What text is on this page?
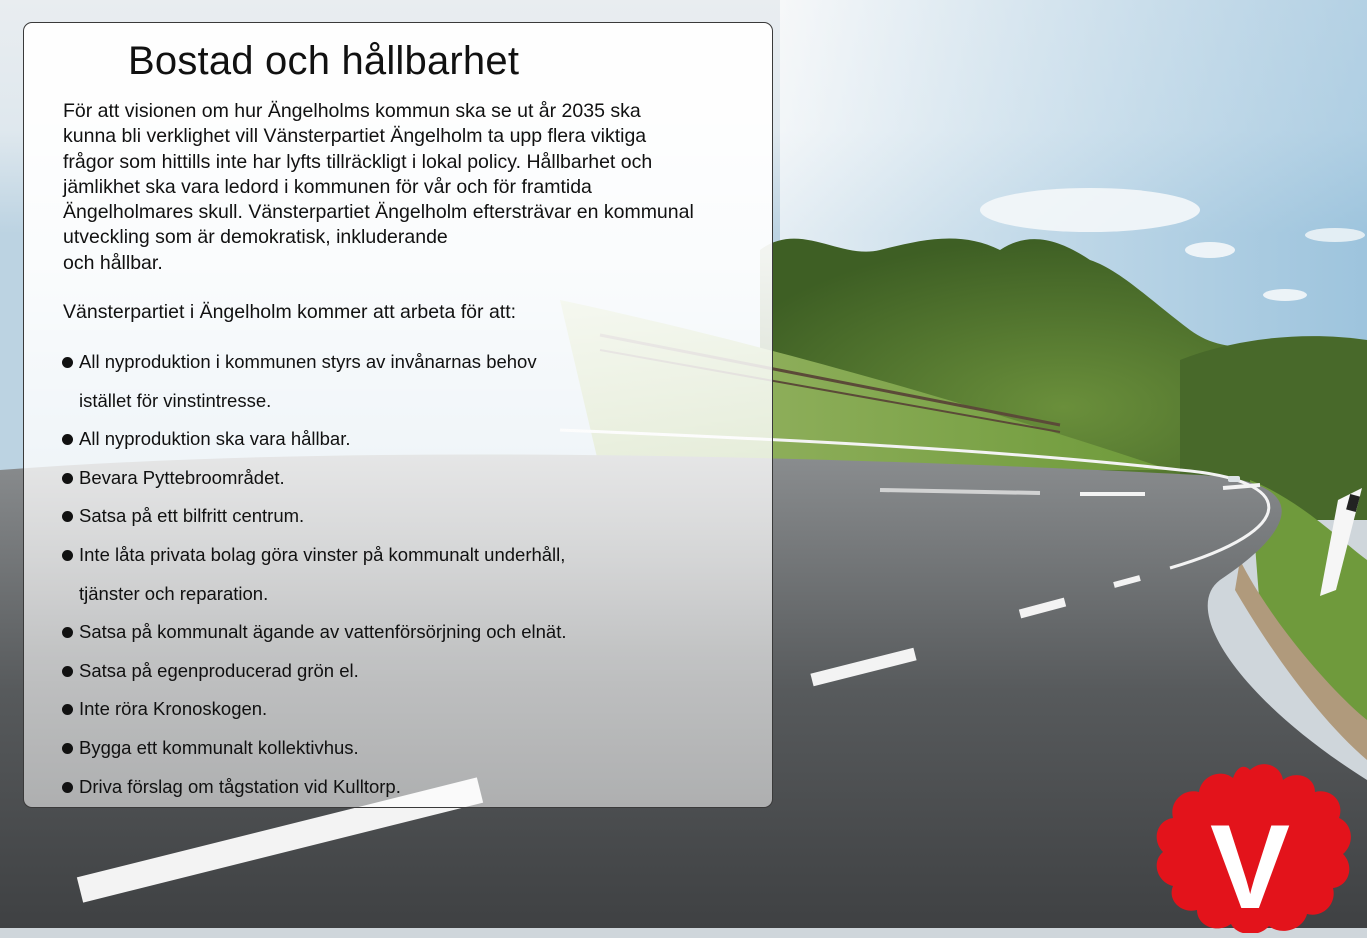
Bostad och hållbarhet

För att visionen om hur Ängelholms kommun ska se ut år 2035 ska

kunna bli verklighet vill Vänsterpartiet Ängelholm ta upp flera viktiga

frågor som hittills inte har lyfts tillräckligt i lokal policy. Hållbarhet och

jämlikhet ska vara ledord i kommunen för vår och för framtida

Ängelholmares skull. Vänsterpartiet Ängelholm eftersträvar en kommunal

utveckling som är demokratisk, inkluderande

och hållbar.

Vänsterpartiet i Ängelholm kommer att arbeta för att:
All nyproduktion i kommunen styrs av invånarnas behov
istället för vinstintresse.
All nyproduktion ska vara hållbar.
Bevara Pyttebroområdet.
Satsa på ett bilfritt centrum.
Inte låta privata bolag göra vinster på kommunalt underhåll,
tjänster och reparation.
Satsa på kommunalt ägande av vattenförsörjning och elnät.
Satsa på egenproducerad grön el.
Inte röra Kronoskogen.
Bygga ett kommunalt kollektivhus.
Driva förslag om tågstation vid Kulltorp.
V
